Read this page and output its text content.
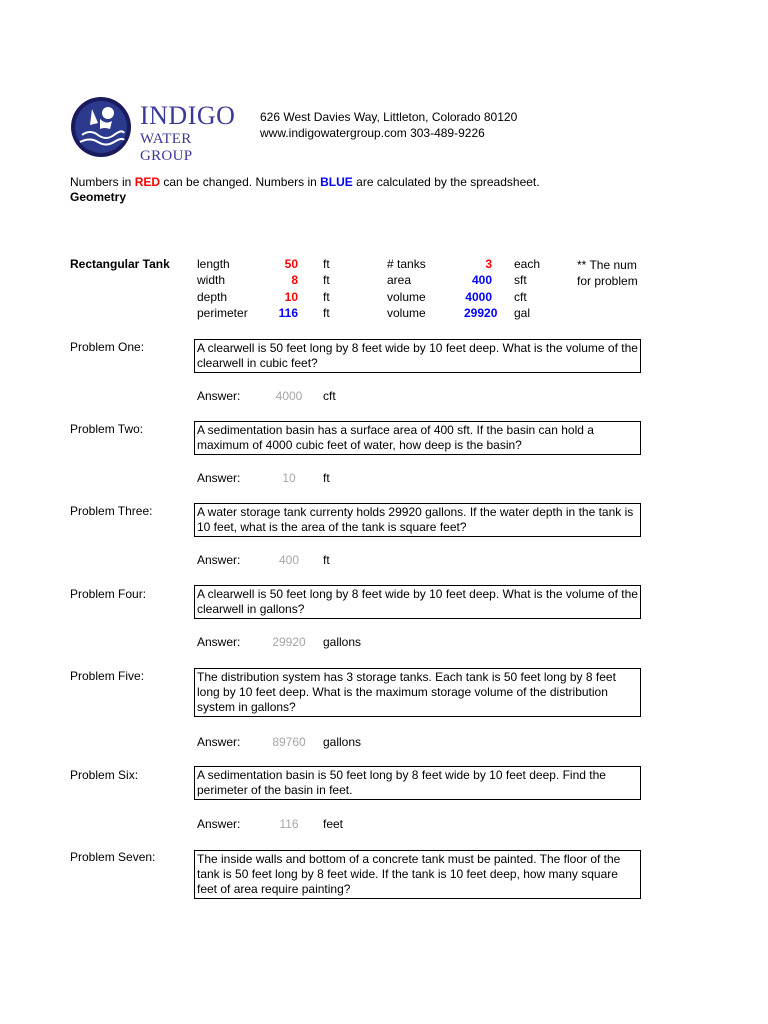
INDIGO
WATER GROUP
626 West Davies Way, Littleton, Colorado 80120
www.indigowatergroup.com 303-489-9226
Numbers in RED can be changed. Numbers in BLUE are calculated by the spreadsheet.
Geometry
Rectangular Tank length	50 ft	# tanks	3 each
width	8 ft	area	400 sft
depth	10 ft	volume	4000 cft
perimeter	116 ft	volume	29920 gal
** The num
for problem
Problem One:	A clearwell is 50 feet long by 8 feet wide by 10 feet deep. What is the volume of the clearwell in cubic feet?
Answer:	4000	cft
Problem Two:	A sedimentation basin has a surface area of 400 sft. If the basin can hold a maximum of 4000 cubic feet of water, how deep is the basin?
Answer:	10	ft
Problem Three:	A water storage tank currenty holds 29920 gallons. If the water depth in the tank is 10 feet, what is the area of the tank is square feet?
Answer:	400	ft
Problem Four:	A clearwell is 50 feet long by 8 feet wide by 10 feet deep. What is the volume of the clearwell in gallons?
Answer:	29920 gallons
Problem Five:	The distribution system has 3 storage tanks. Each tank is 50 feet long by 8 feet long by 10 feet deep. What is the maximum storage volume of the distribution system in gallons?
Answer:	89760 gallons
Problem Six:	A sedimentation basin is 50 feet long by 8 feet wide by 10 feet deep. Find the perimeter of the basin in feet.
Answer:	116	feet
Problem Seven:	The inside walls and bottom of a concrete tank must be painted. The floor of the tank is 50 feet long by 8 feet wide. If the tank is 10 feet deep, how many square feet of area require painting?
